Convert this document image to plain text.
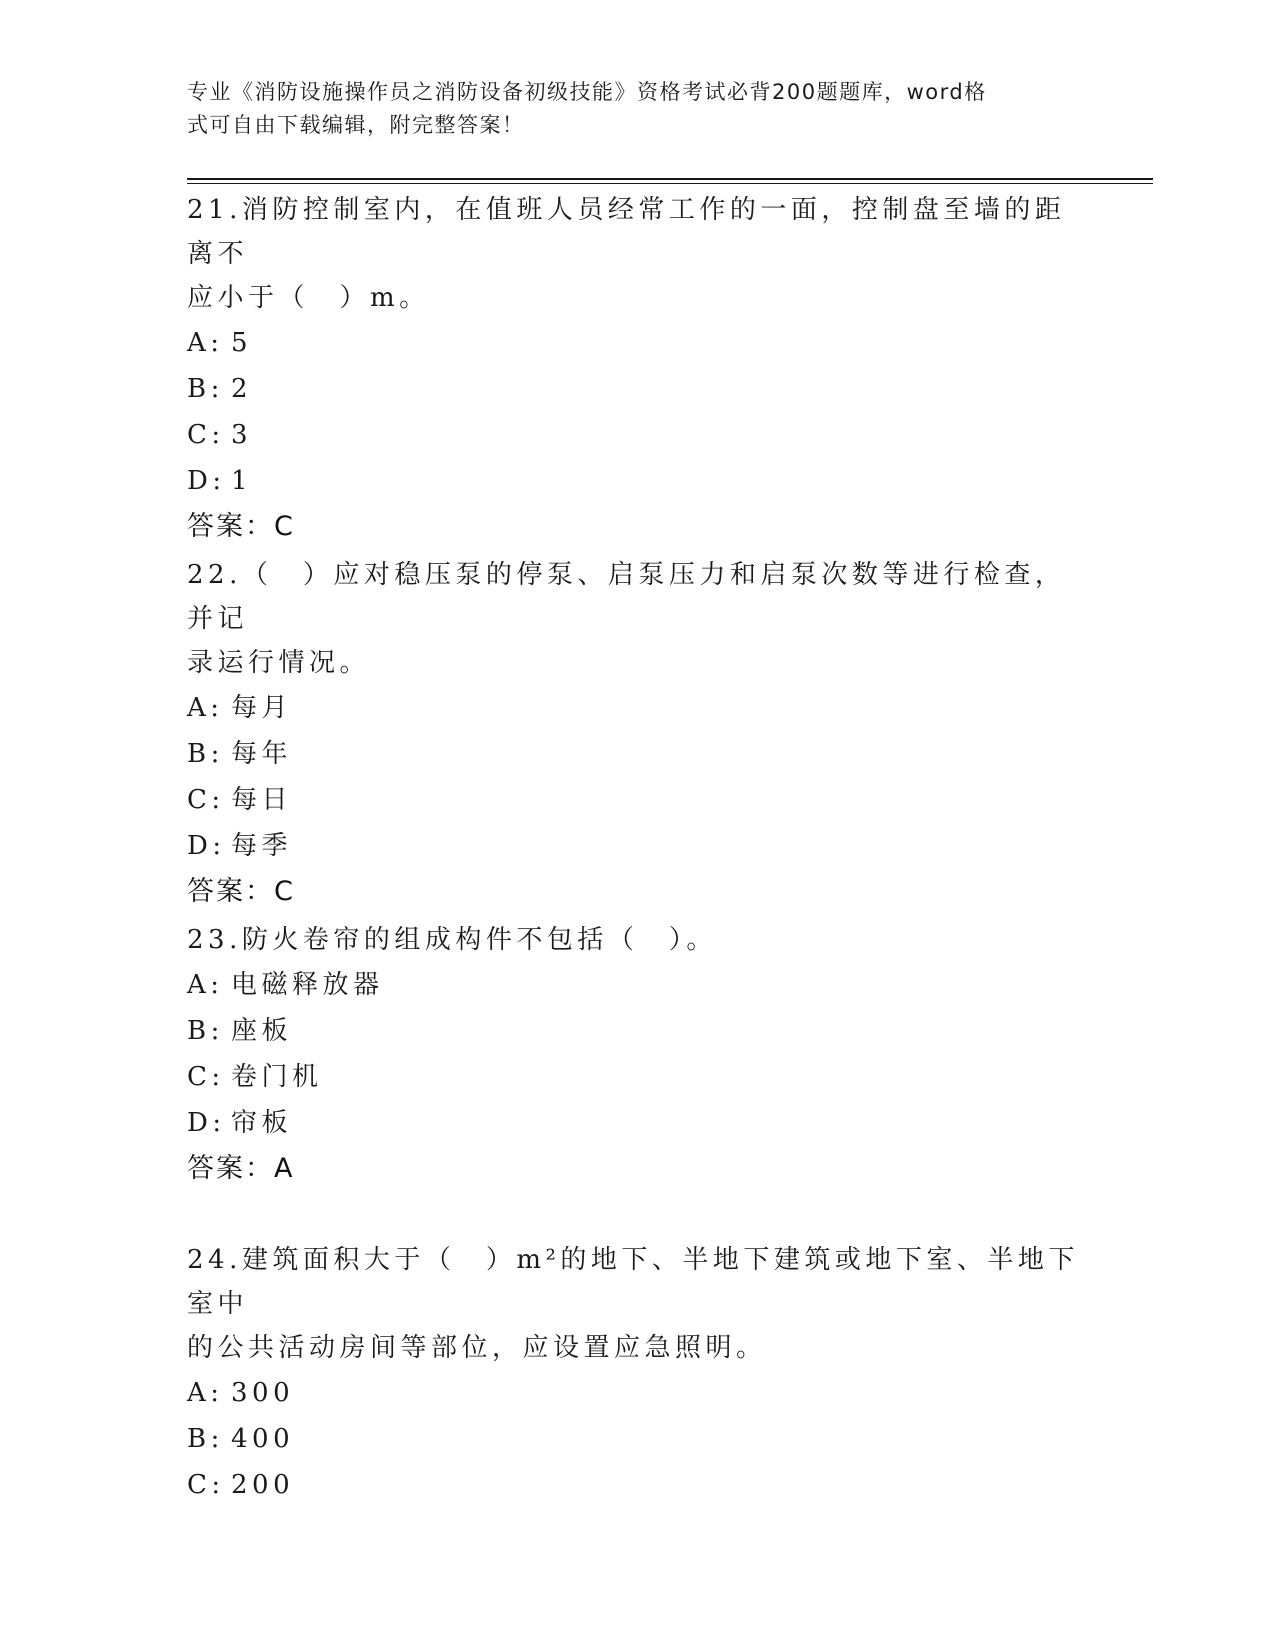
专业《消防设施操作员之消防设备初级技能》资格考试必背200题题库，word格
式可自由下载编辑，附完整答案！
21.消防控制室内，在值班人员经常工作的一面，控制盘至墙的距离不
应小于（　）m。
A: 5
B: 2
C: 3
D: 1
答案：C
22.（　）应对稳压泵的停泵、启泵压力和启泵次数等进行检查，并记
录运行情况。
A: 每月
B: 每年
C: 每日
D: 每季
答案：C
23.防火卷帘的组成构件不包括（　）。
A: 电磁释放器
B: 座板
C: 卷门机
D: 帘板
答案：A
24.建筑面积大于（　）m²的地下、半地下建筑或地下室、半地下室中
的公共活动房间等部位，应设置应急照明。
A: 300
B: 400
C: 200
